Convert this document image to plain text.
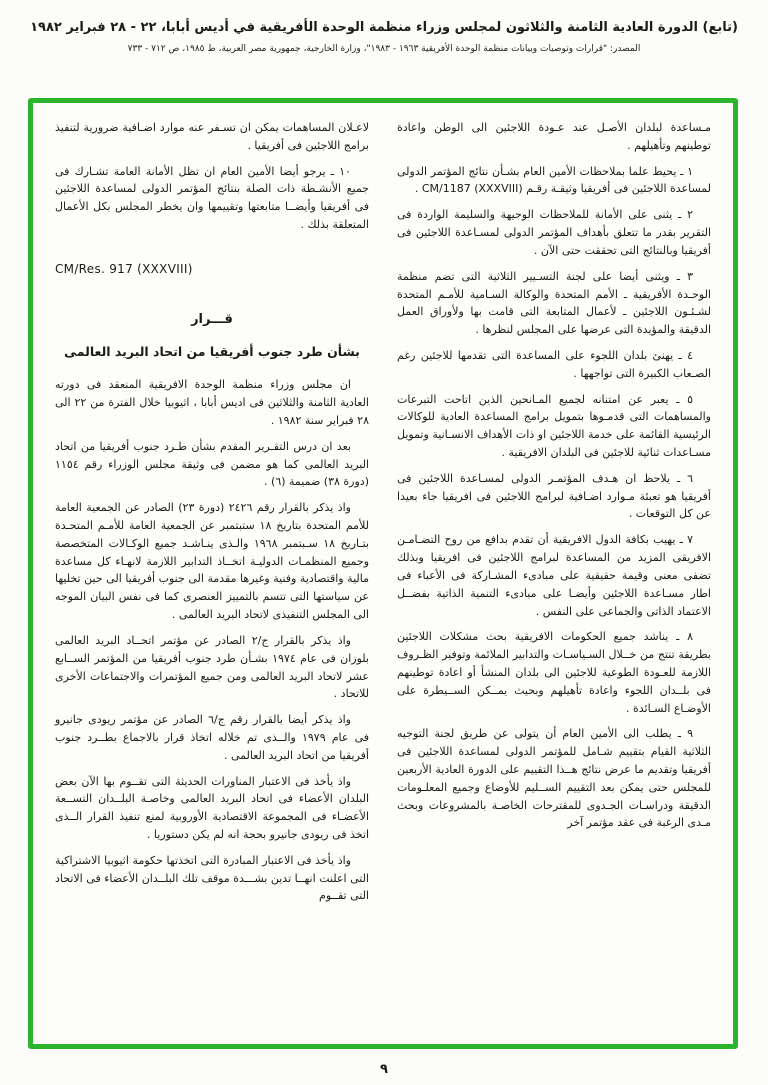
(تابع) الدورة العادية الثامنة والثلاثون لمجلس وزراء منظمة الوحدة الأفريقية في أديس أبابا، ٢٢ - ٢٨ فبراير ١٩٨٢
المصدر: "قرارات وتوصيات وبيانات منظمة الوحدة الأفريقية ١٩٦٣ - ١٩٨٣"، وزارة الخارجية، جمهورية مصر العربية، ط ١٩٨٥، ص ٧١٢ - ٧٣٣

مـساعدة لبلدان الأصـل عند عـودة اللاجئين الى الوطن واعادة توطينهم وتأهيلهم .

١ ـ يحيط علما بملاحظات الأمين العام بشـأن نتائج المؤتمر الدولى لمساعدة اللاجئين فى أفريقيا وثيقـة رقـم ‎CM/1187 (XXXVIII)‎ .

٢ ـ يثنى على الأمانة للملاحظات الوجيهة والسليمة الواردة فى التقرير بقدر ما تتعلق بأهداف المؤتمر الدولى لمسـاعدة اللاجئين فى أفريقيا وبالنتائج التى تحققت حتى الآن .

٣ ـ ويثنى أيضا على لجنة التسـيير الثلاثية التى تضم منظمة الوحـدة الأفريقية ـ الأمم المتحدة والوكالة السـامية للأمـم المتحدة لشـئـون اللاجئين ـ لأعمال المتابعة التى قامت بها ولأوراق العمل الدقيقة والمؤيدة التى عرضها على المجلس لنظرها .

٤ ـ يهنئ بلدان اللجوء على المساعدة التى تقدمها للاجئين رغم الصـعاب الكبيرة التى تواجهها .

٥ ـ يعبر عن امتنانه لجميع المـانحين الذين اتاحت التبرعات والمساهمات التى قدمـوها بتمويل برامج المساعدة العادية للوكالات الرئيسية القائمة على خدمة اللاجئين او ذات الأهداف الانسـانية وتمويل مسـاعدات ثنائية للاجئين فى البلدان الافريقية .

٦ ـ يلاحظ ان هـدف المؤتمـر الدولى لمسـاعدة اللاجئين فى أفريقيا هو تعبئة مـوارد اضـافية لبرامج اللاجئين فى افريقيا جاء بعيدا عن كل التوقعات .

٧ ـ يهيب بكافة الدول الافريقية أن تقدم بدافع من روح التضـامـن الافريقى المزيد من المساعدة لبرامج اللاجئين فى افريقيا وبذلك تضفى معنى وقيمة حقيقية على مبادىء المشـاركة فى الأعباء فى اطار مسـاعدة اللاجئين وأيضـا على مبادىء التنمية الذاتية بفضــل الاعتماد الذاتى والجماعى على النفس .

٨ ـ يناشد جميع الحكومات الافريقية بحث مشكلات اللاجئين بطريقة تنتج من خــلال السـياسـات والتدابير الملائمة وتوفير الظـروف اللازمة للعـودة الطوعية للاجئين الى بلدان المنشأ أو اعادة توطينهم فى بلــدان اللجوء واعادة تأهيلهم وبحيث يمــكن الســيطرة على الأوضـاع السـائدة .

٩ ـ يطلب الى الأمين العام أن يتولى عن طريق لجنة التوجيه الثلاثية القيام بتقييم شـامل للمؤتمر الدولى لمساعدة اللاجئين فى أفريقيا وتقديم ما عرض نتائج هــذا التقييم على الدورة العادية الأربعين للمجلس حتى يمكن بعد التقييم الســليم للأوضاع وجميع المعلـومات الدقيقة ودراسـات الجـدوى للمقترحات الخاصـة بالمشروعات وبحث مـدى الرغبة فى عقد مؤتمر آخر

لاعـلان المساهمات يمكن ان تسـفر عنه موارد اضـافية ضرورية لتنفيذ برامج اللاجئين فى أفريقيا .

١٠ ـ يرجو أيضا الأمين العام ان تظل الأمانة العامة تشـارك فى جميع الأنشـطة ذات الصلة بنتائج المؤتمر الدولى لمساعدة اللاجئين فى أفريقيا وأيضــا متابعتها وتقييمها وان يخطر المجلس بكل الأعمال المتعلقة بذلك .

CM/Res. 917 (XXXVIII)
قـــرار
بشأن طرد جنوب أفريقيا من اتحاد البريد العالمى

ان مجلس وزراء منظمة الوحدة الافريقية المنعقد فى دورته العادية الثامنة والثلاثين فى اديس أبابا ، اثيوبيا خلال الفترة من ٢٢ الى ٢٨ فبراير سنة ١٩٨٢ .

بعد ان درس التقـرير المقدم بشأن طـرد جنوب أفريقيا من اتحاد البريد العالمى كما هو مضمن فى وثيقة مجلس الوزراء رقم ١١٥٤ (دورة ٣٨) ضميمة (٦) .

واذ يذكر بالقرار رقم ٢٤٢٦ (دورة ٢٣) الصادر عن الجمعية العامة للأمم المتحدة بتاريخ ١٨ ستبتمبر عن الجمعية العامة للأمـم المتحـدة بتـاريخ ١٨ سـبتمبر ١٩٦٨ والـذى ينـاشـد جميع الوكـالات المتخصصة وجميع المنظمـات الدوليـة اتخــاذ التدابير اللازمة لانهـاء كل مساعدة مالية واقتصادية وفنية وغيرها مقدمة الى جنوب أفريقيا الى حين تخليها عن سياستها التى تتسم بالتمييز العنصرى كما فى نفس البيان الموجه الى المجلس التنفيذى لاتحاد البريد العالمى .

واذ يذكر بالقرار ج/٢ الصادر عن مؤتمر اتحــاد البريد العالمى بلوزان فى عام ١٩٧٤ بشـأن طرد جنوب أفريقيا من المؤتمر الســابع عشر لاتحاد البريد العالمى ومن جميع المؤتمرات والاجتماعات الأخرى للاتحاد .

واذ يذكر أيضا بالقرار رقم ج/٦ الصادر عن مؤتمر ريودى جانيرو فى عام ١٩٧٩ والــذى تم خلاله اتخاذ قرار بالاجماع بطــرد جنوب أفريقيا من اتحاد البريد العالمى .

واذ يأخذ فى الاعتبار المناورات الحديثة التى تقــوم بها الآن بعض البلدان الأعضاء فى اتحاد البريد العالمى وخاصـة البلــدان التســعة الأعضـاء فى المجموعة الاقتصادية الأوروبية لمنع تنفيذ القرار الــذى اتخذ فى ريودى جانيرو بحجة انه لم يكن دستوريا .

واذ يأخذ فى الاعتبار المبادرة التى اتخذتها حكومة اثيوبيا الاشتراكية التى اعلنت انهــا تدين بشـــدة موقف تلك البلــدان الأعضاء فى الاتحاد التى تقــوم

٩
